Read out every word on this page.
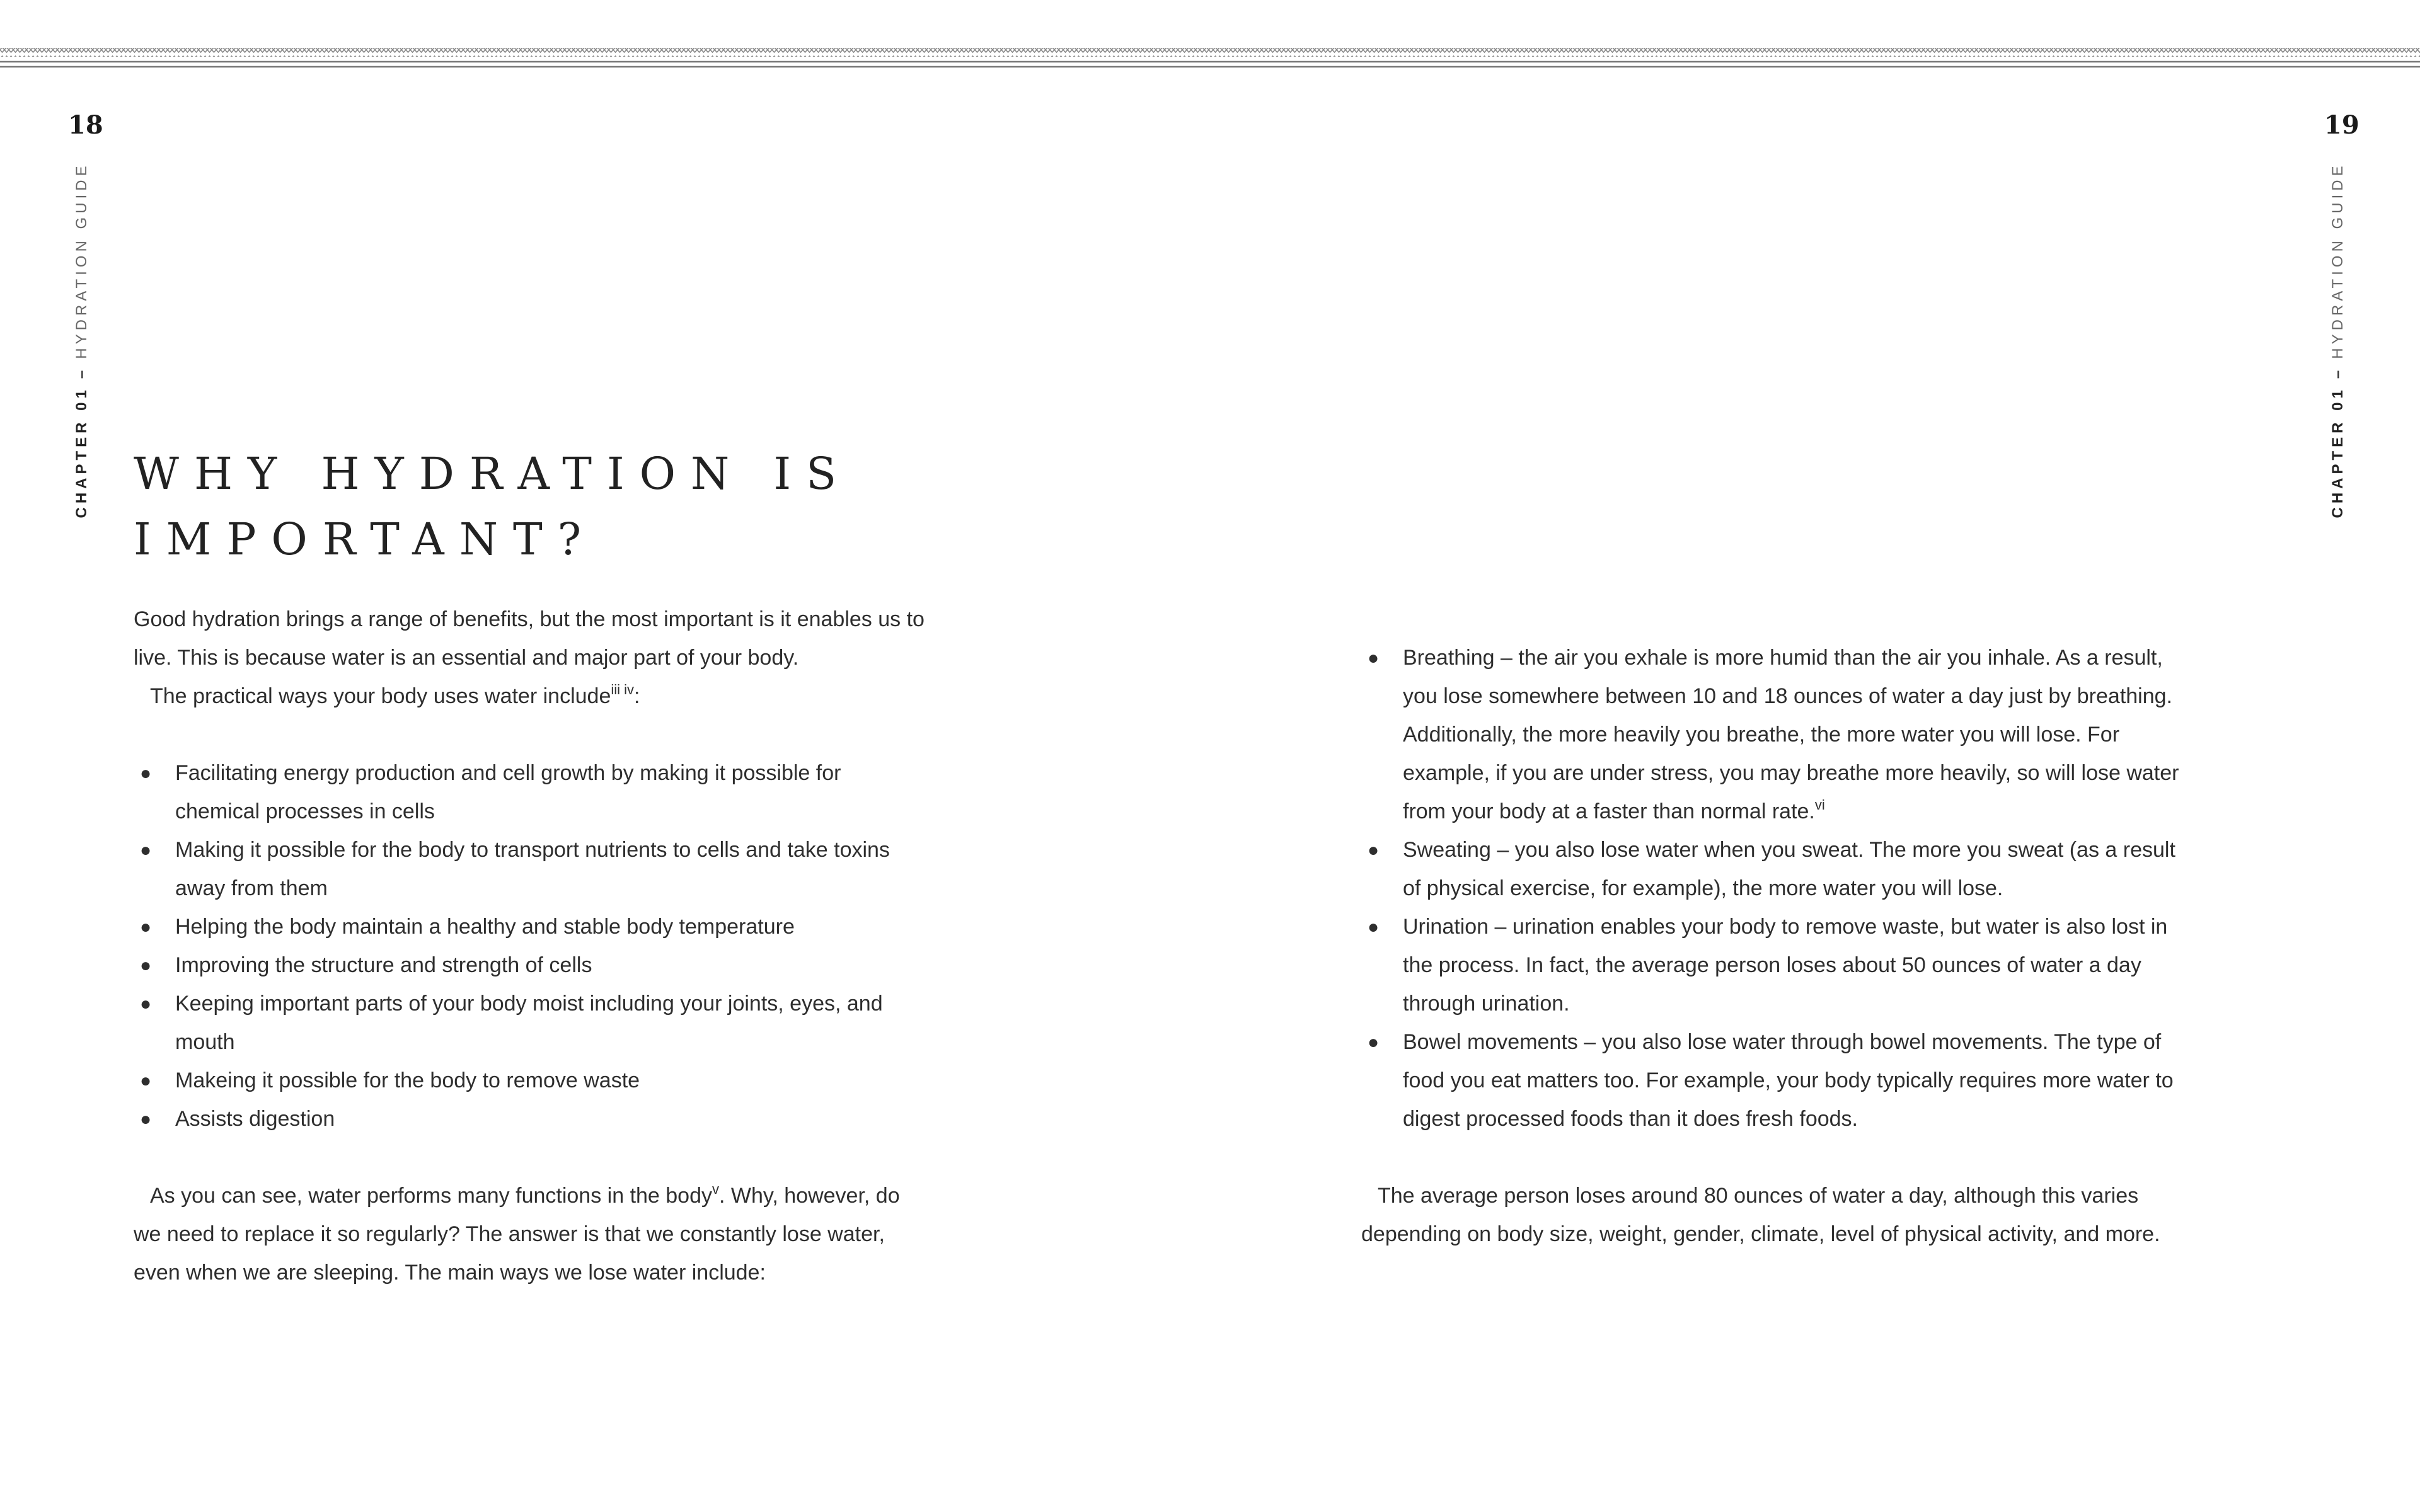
18
CHAPTER 01–HYDRATION GUIDE
WHY HYDRATION IS IMPORTANT?

Good hydration brings a range of benefits, but the most important is it enables us to live. This is because water is an essential and major part of your body.
The practical ways your body uses water include$^{iii iv}$:

● Facilitating energy production and cell growth by making it possible for chemical processes in cells
● Making it possible for the body to transport nutrients to cells and take toxins away from them
● Helping the body maintain a healthy and stable body temperature
● Improving the structure and strength of cells
● Keeping important parts of your body moist including your joints, eyes, and mouth
● Makeing it possible for the body to remove waste
● Assists digestion

As you can see, water performs many functions in the body$^v$. Why, however, do we need to replace it so regularly? The answer is that we constantly lose water, even when we are sleeping. The main ways we lose water include:

19
CHAPTER 01–HYDRATION GUIDE
● Breathing – the air you exhale is more humid than the air you inhale. As a result, you lose somewhere between 10 and 18 ounces of water a day just by breathing. Additionally, the more heavily you breathe, the more water you will lose. For example, if you are under stress, you may breathe more heavily, so will lose water from your body at a faster than normal rate.$^{vi}$
● Sweating – you also lose water when you sweat. The more you sweat (as a result of physical exercise, for example), the more water you will lose.
● Urination – urination enables your body to remove waste, but water is also lost in the process. In fact, the average person loses about 50 ounces of water a day through urination.
● Bowel movements – you also lose water through bowel movements. The type of food you eat matters too. For example, your body typically requires more water to digest processed foods than it does fresh foods.

The average person loses around 80 ounces of water a day, although this varies depending on body size, weight, gender, climate, level of physical activity, and more.
